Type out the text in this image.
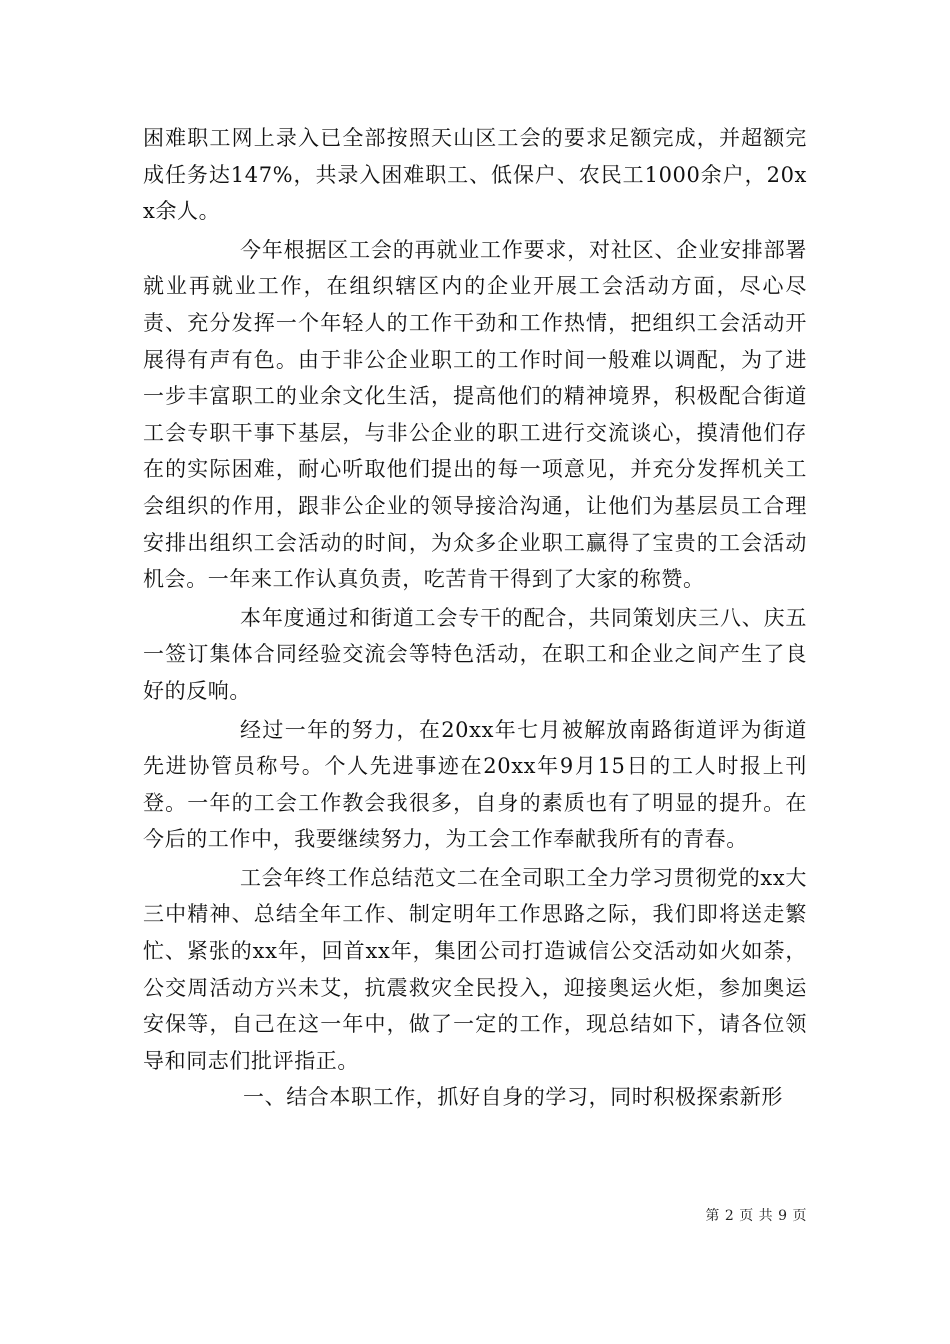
困难职工网上录入已全部按照天山区工会的要求足额完成，并超额完成任务达147%，共录入困难职工、低保户、农民工1000余户，20xx余人。

今年根据区工会的再就业工作要求，对社区、企业安排部署就业再就业工作，在组织辖区内的企业开展工会活动方面，尽心尽责、充分发挥一个年轻人的工作干劲和工作热情，把组织工会活动开展得有声有色。由于非公企业职工的工作时间一般难以调配，为了进一步丰富职工的业余文化生活，提高他们的精神境界，积极配合街道工会专职干事下基层，与非公企业的职工进行交流谈心，摸清他们存在的实际困难，耐心听取他们提出的每一项意见，并充分发挥机关工会组织的作用，跟非公企业的领导接洽沟通，让他们为基层员工合理安排出组织工会活动的时间，为众多企业职工赢得了宝贵的工会活动机会。一年来工作认真负责，吃苦肯干得到了大家的称赞。

本年度通过和街道工会专干的配合，共同策划庆三八、庆五一签订集体合同经验交流会等特色活动，在职工和企业之间产生了良好的反响。

经过一年的努力，在20xx年七月被解放南路街道评为街道先进协管员称号。个人先进事迹在20xx年9月15日的工人时报上刊登。一年的工会工作教会我很多，自身的素质也有了明显的提升。在今后的工作中，我要继续努力，为工会工作奉献我所有的青春。

工会年终工作总结范文二在全司职工全力学习贯彻党的xx大三中精神、总结全年工作、制定明年工作思路之际，我们即将送走繁忙、紧张的xx年，回首xx年，集团公司打造诚信公交活动如火如荼，公交周活动方兴未艾，抗震救灾全民投入，迎接奥运火炬，参加奥运安保等，自己在这一年中，做了一定的工作，现总结如下，请各位领导和同志们批评指正。

一、结合本职工作，抓好自身的学习，同时积极探索新形

第 2 页 共 9 页
